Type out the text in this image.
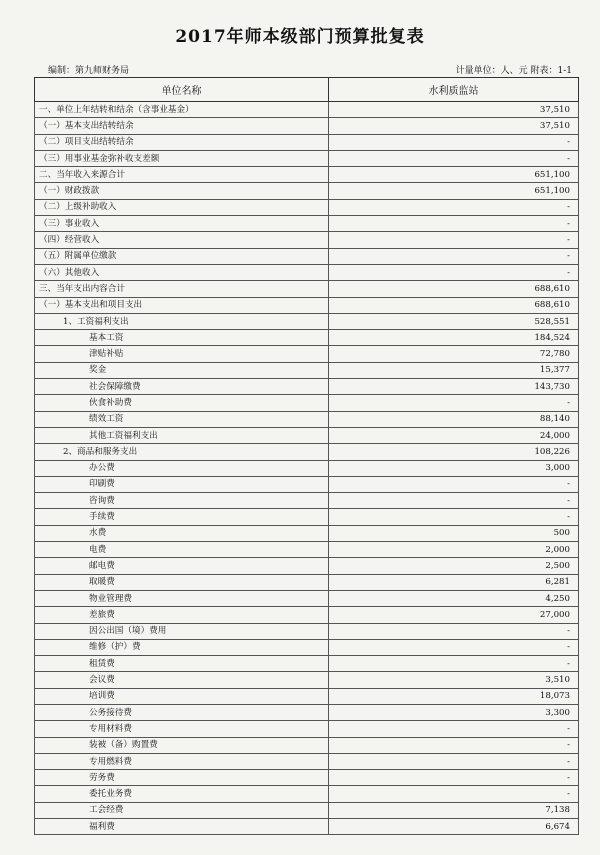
2017年师本级部门预算批复表
编制：第九师财务局	计量单位：人、元 附表：1-1
单位名称	水利质监站
一、单位上年结转和结余（含事业基金）	37,510
（一）基本支出结转结余	37,510
（二）项目支出结转结余	-
（三）用事业基金弥补收支差额	-
二、当年收入来源合计	651,100
（一）财政拨款	651,100
（二）上级补助收入	-
（三）事业收入	-
（四）经营收入	-
（五）附属单位缴款	-
（六）其他收入	-
三、当年支出内容合计	688,610
（一）基本支出和项目支出	688,610
1、工资福利支出	528,551
基本工资	184,524
津贴补贴	72,780
奖金	15,377
社会保障缴费	143,730
伙食补助费	-
绩效工资	88,140
其他工资福利支出	24,000
2、商品和服务支出	108,226
办公费	3,000
印刷费	-
咨询费	-
手续费	-
水费	500
电费	2,000
邮电费	2,500
取暖费	6,281
物业管理费	4,250
差旅费	27,000
因公出国（境）费用	-
维修（护）费	-
租赁费	-
会议费	3,510
培训费	18,073
公务接待费	3,300
专用材料费	-
装被（备）购置费	-
专用燃料费	-
劳务费	-
委托业务费	-
工会经费	7,138
福利费	6,674
